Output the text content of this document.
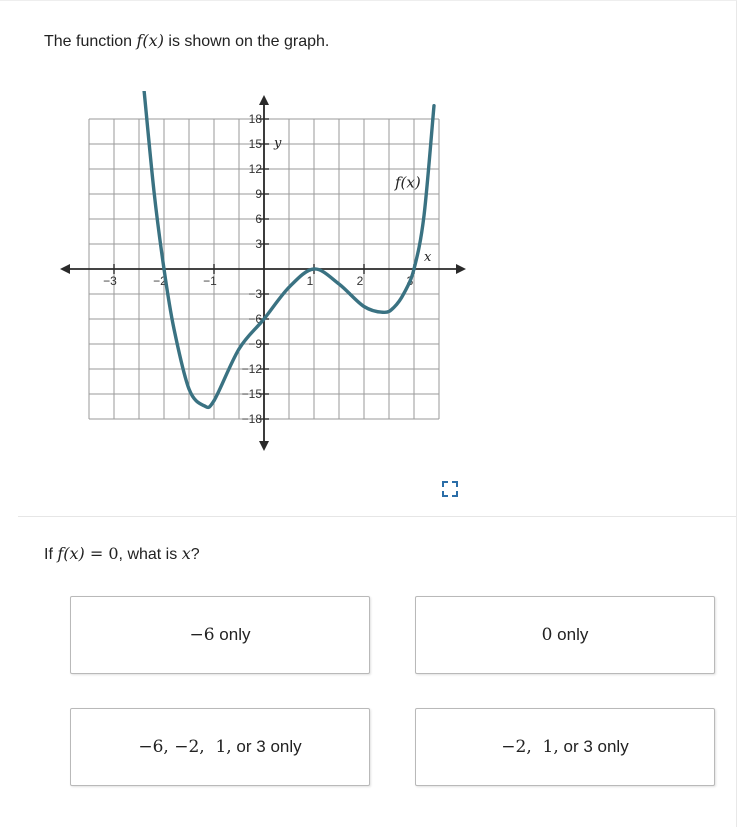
The function f(x) is shown on the graph.
−3	−2	−1	1	2	3
18
15
12
9
6
3
−3
−6
−9
−12
−15
−18
y
x
f(x)
If f(x) = 0, what is x?
−6 only	0 only
−6, −2,  1, or 3 only	−2,  1, or 3 only
